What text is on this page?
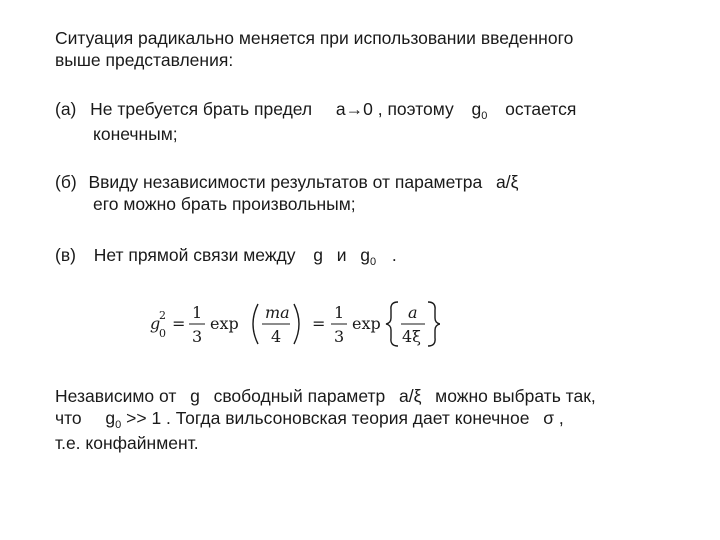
Ситуация радикально меняется при использовании введенного
выше представления:
(а) Не требуется брать предел a→0 , поэтому $g_0$ остается
конечным;
(б) Ввиду независимости результатов от параметра a/ξ
его можно брать произвольным;
(в) Нет прямой связи между g и $g_0$ .
g
0
2 =
1
3
exp
ma
4
=
1
3
exp
a
4ξ
Независимо от g свободный параметр a/ξ можно выбрать так,
что $g_0 >> 1$ . Тогда вильсоновская теория дает конечное σ ,
т.е. конфайнмент.
